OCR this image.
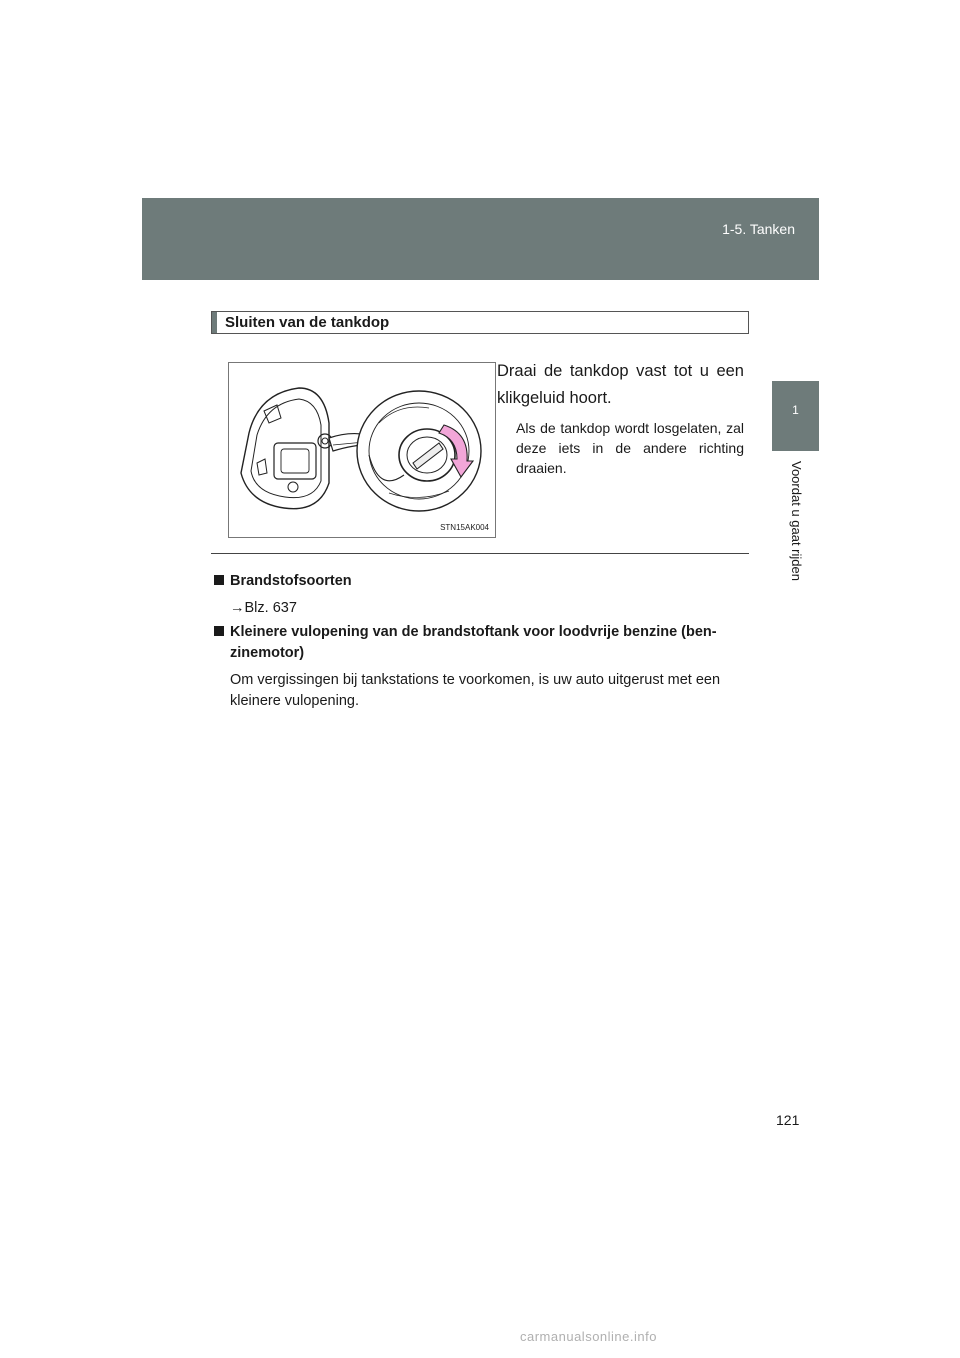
1-5. Tanken
1
Voordat u gaat rijden
Sluiten van de tankdop
STN15AK004
Draai de tankdop vast tot u een klikgeluid hoort.
Als de tankdop wordt losgelaten, zal deze iets in de andere richting draaien.
Brandstofsoorten
→Blz. 637
Kleinere vulopening van de brandstoftank voor loodvrije benzine (ben-zinemotor)
Om vergissingen bij tankstations te voorkomen, is uw auto uitgerust met een kleinere vulopening.
121
carmanualsonline.info
